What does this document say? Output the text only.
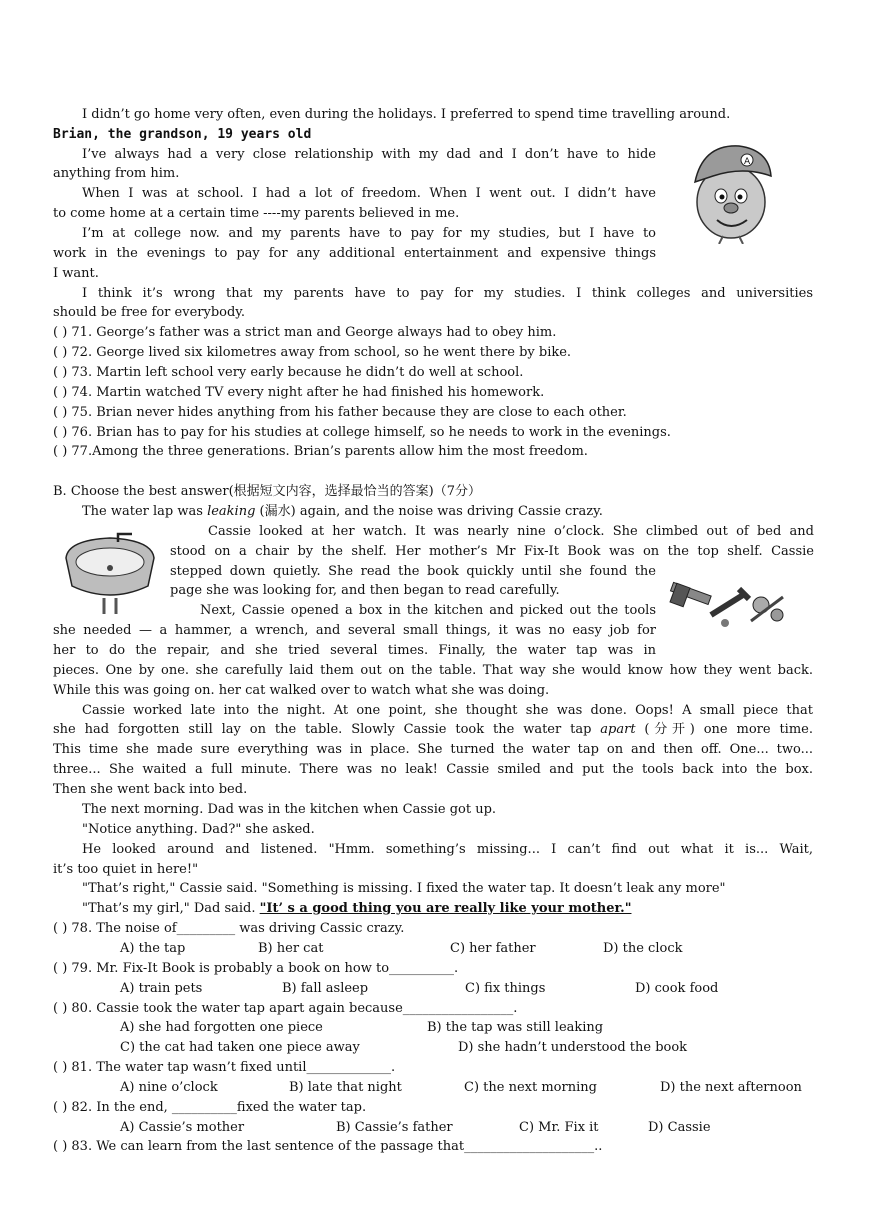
I didn’t go home very often, even during the holidays. I preferred to spend time travelling around.
Brian, the grandson, 19 years old
I’ve always had a very close relationship with my dad and I don’t have to hide
anything from him.
When I was at school. I had a lot of freedom. When I went out. I didn’t have
to come home at a certain time ----my parents believed in me.
I’m at college now. and my parents have to pay for my studies, but I have to
work in the evenings to pay for any additional entertainment and expensive things
I want.
I think it’s wrong that my parents have to pay for my studies. I think colleges and universities
should be free for everybody.
A
( ) 71. George’s father was a strict man and George always had to obey him.
( ) 72. George lived six kilometres away from school, so he went there by bike.
( ) 73. Martin left school very early because he didn’t do well at school.
( ) 74. Martin watched TV every night after he had finished his homework.
( ) 75. Brian never hides anything from his father because they are close to each other.
( ) 76. Brian has to pay for his studies at college himself, so he needs to work in the evenings.
( ) 77.Among the three generations. Brian’s parents allow him the most freedom.
B. Choose the best answer(根据短文内容，选择最恰当的答案)（7分）
The water lap was leaking (漏水) again, and the noise was driving Cassie crazy.
Cassie looked at her watch. It was nearly nine o’clock. She climbed out of bed and
stood on a chair by the shelf. Her mother’s Mr Fix-It Book was on the top shelf. Cassie
stepped down quietly. She read the book quickly until she found the
page she was looking for, and then began to read carefully.
Next, Cassie opened a box in the kitchen and picked out the tools
she needed — a hammer, a wrench, and several small things, it was no easy job for
her to do the repair, and she tried several times. Finally, the water tap was in
pieces. One by one. she carefully laid them out on the table. That way she would know how they went back.
While this was going on. her cat walked over to watch what she was doing.
Cassie worked late into the night. At one point, she thought she was done. Oops! A small piece that
she had forgotten still lay on the table. Slowly Cassie took the water tap apart (分开) one more time.
This time she made sure everything was in place. She turned the water tap on and then off. One... two...
three... She waited a full minute. There was no leak! Cassie smiled and put the tools back into the box.
Then she went back into bed.
The next morning. Dad was in the kitchen when Cassie got up.
"Notice anything. Dad?" she asked.
He looked around and listened. "Hmm. something’s missing... I can’t find out what it is... Wait,
it’s too quiet in here!"
"That’s right," Cassie said. "Something is missing. I fixed the water tap. It doesn’t leak any more"
"That’s my girl," Dad said. "It’ s a good thing you are really like your mother."
( ) 78. The noise of_________ was driving Cassic crazy.
A) the tap	B) her cat	C) her father	D) the clock
( ) 79. Mr. Fix-It Book is probably a book on how to__________.
A) train pets	B) fall asleep	C) fix things	D) cook food
( ) 80. Cassie took the water tap apart again because_________________.
A) she had forgotten one piece	B) the tap was still leaking
C) the cat had taken one piece away	D) she hadn’t understood the book
( ) 81. The water tap wasn’t fixed until_____________.
A) nine o’clock	B) late that night	C) the next morning	D) the next afternoon
( ) 82. In the end, __________fixed the water tap.
A) Cassie’s mother	B) Cassie’s father	C) Mr. Fix it	D) Cassie
( ) 83. We can learn from the last sentence of the passage that____________________..
